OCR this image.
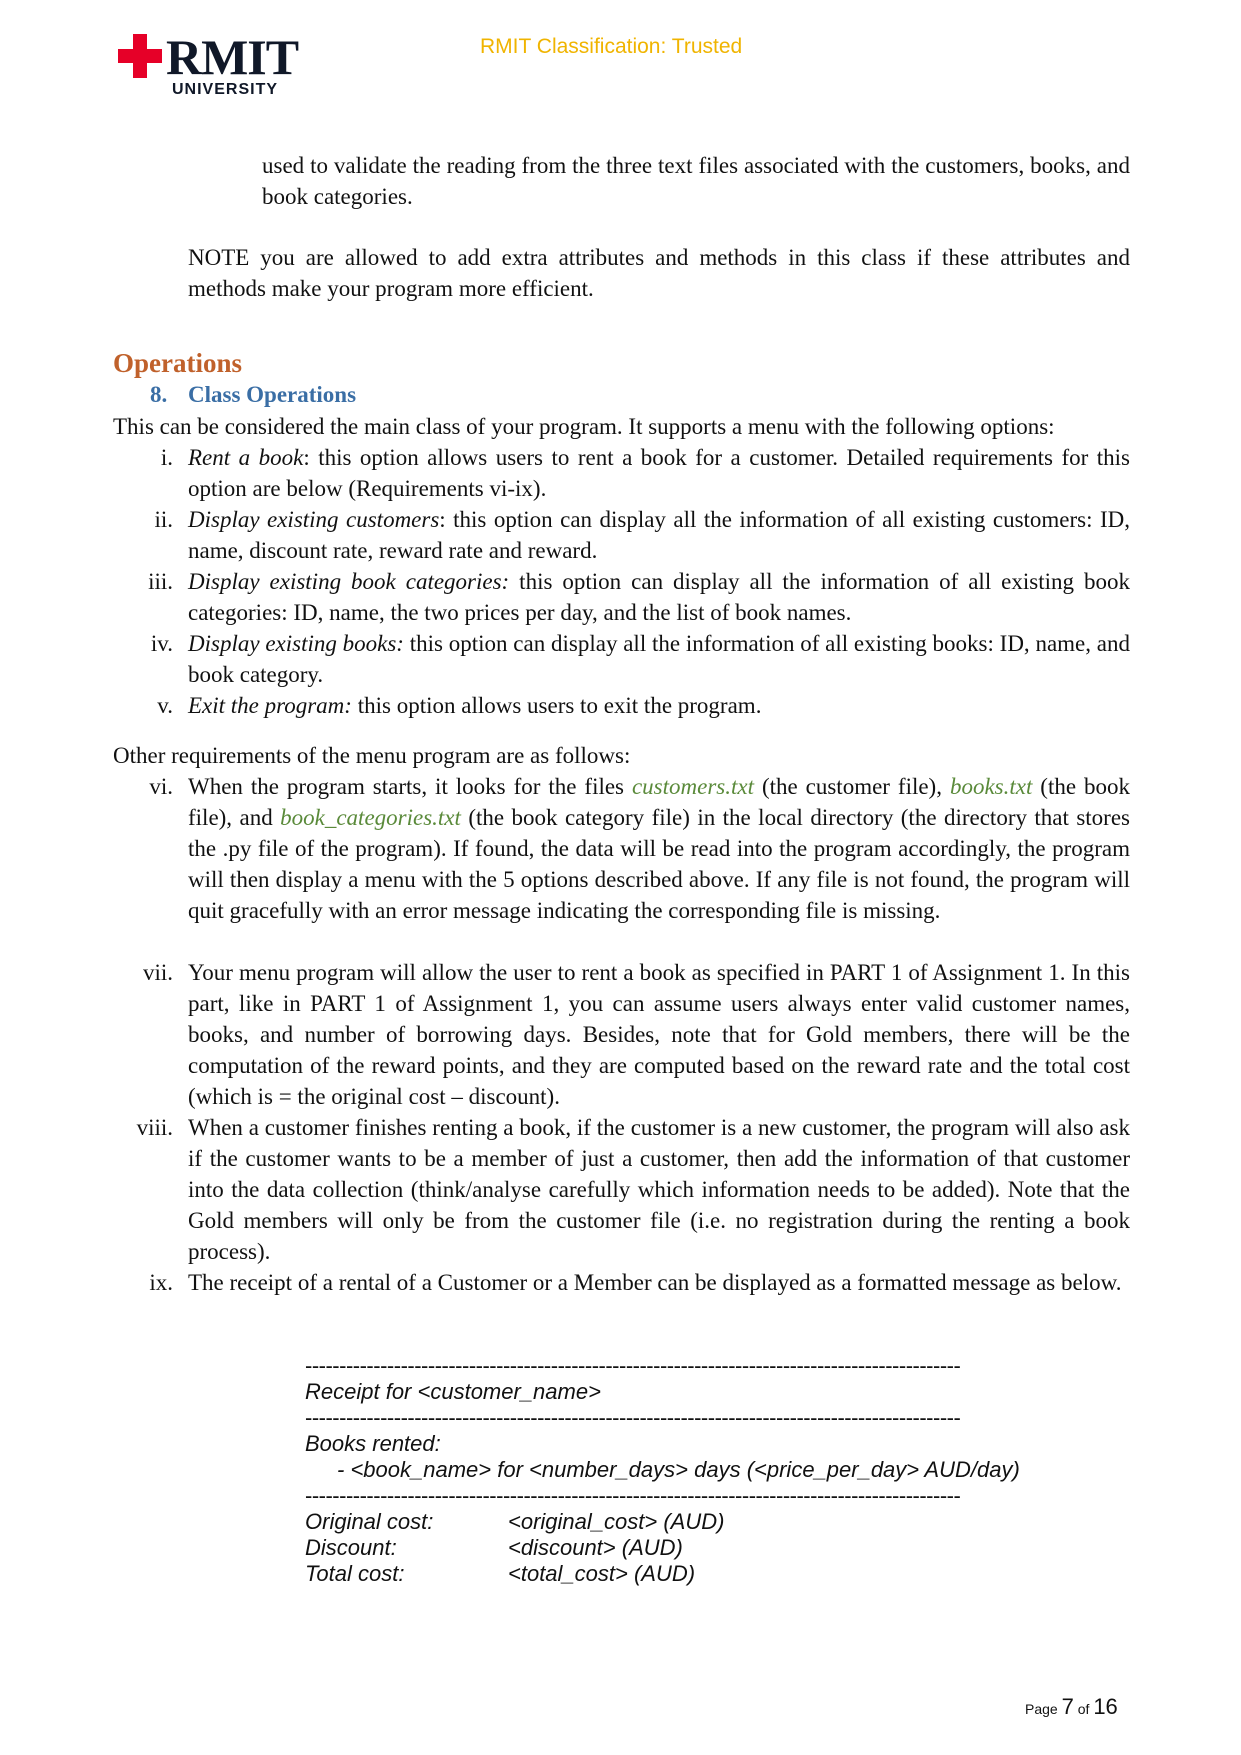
RMIT
UNIVERSITY
RMIT Classification: Trusted

used to validate the reading from the three text files associated with the customers, books, and book categories.

NOTE you are allowed to add extra attributes and methods in this class if these attributes and methods make your program more efficient.

Operations
8. Class Operations

This can be considered the main class of your program. It supports a menu with the following options:

i. Rent a book: this option allows users to rent a book for a customer. Detailed requirements for this option are below (Requirements vi-ix).
ii. Display existing customers: this option can display all the information of all existing customers: ID, name, discount rate, reward rate and reward.
iii. Display existing book categories: this option can display all the information of all existing book categories: ID, name, the two prices per day, and the list of book names.
iv. Display existing books: this option can display all the information of all existing books: ID, name, and book category.
v. Exit the program: this option allows users to exit the program.

Other requirements of the menu program are as follows:

vi. When the program starts, it looks for the files customers.txt (the customer file), books.txt (the book file), and book_categories.txt (the book category file) in the local directory (the directory that stores the .py file of the program). If found, the data will be read into the program accordingly, the program will then display a menu with the 5 options described above. If any file is not found, the program will quit gracefully with an error message indicating the corresponding file is missing.
vii. Your menu program will allow the user to rent a book as specified in PART 1 of Assignment 1. In this part, like in PART 1 of Assignment 1, you can assume users always enter valid customer names, books, and number of borrowing days. Besides, note that for Gold members, there will be the computation of the reward points, and they are computed based on the reward rate and the total cost (which is = the original cost – discount).
viii. When a customer finishes renting a book, if the customer is a new customer, the program will also ask if the customer wants to be a member of just a customer, then add the information of that customer into the data collection (think/analyse carefully which information needs to be added). Note that the Gold members will only be from the customer file (i.e. no registration during the renting a book process).
ix. The receipt of a rental of a Customer or a Member can be displayed as a formatted message as below.
------------------------------------------------------------------------------------------------
Receipt for <customer_name>
------------------------------------------------------------------------------------------------
Books rented:
- <book_name> for <number_days> days (<price_per_day> AUD/day)
------------------------------------------------------------------------------------------------
Original cost:	<original_cost> (AUD)
Discount:	<discount> (AUD)
Total cost:	<total_cost> (AUD)
Page 7 of 16
